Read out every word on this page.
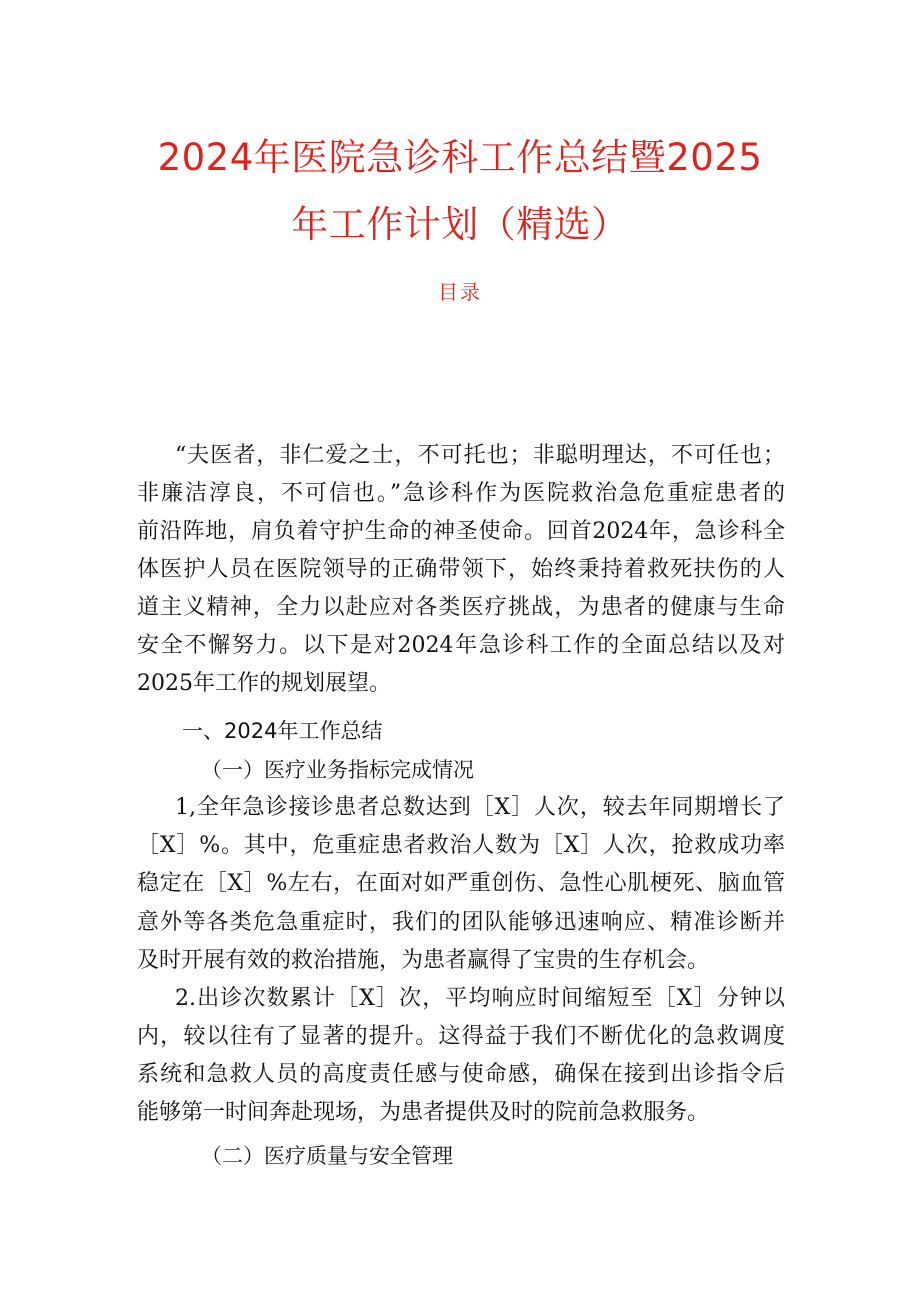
2024年医院急诊科工作总结暨2025
年工作计划（精选）
目录
“夫医者，非仁爱之士，不可托也；非聪明理达，不可任也；
非廉洁淳良，不可信也。”急诊科作为医院救治急危重症患者的
前沿阵地，肩负着守护生命的神圣使命。回首2024年，急诊科全
体医护人员在医院领导的正确带领下，始终秉持着救死扶伤的人
道主义精神，全力以赴应对各类医疗挑战，为患者的健康与生命
安全不懈努力。以下是对2024年急诊科工作的全面总结以及对
2025年工作的规划展望。
一、2024年工作总结
（一）医疗业务指标完成情况
1,全年急诊接诊患者总数达到［X］人次，较去年同期增长了
［X］%。其中，危重症患者救治人数为［X］人次，抢救成功率
稳定在［X］%左右，在面对如严重创伤、急性心肌梗死、脑血管
意外等各类危急重症时，我们的团队能够迅速响应、精准诊断并
及时开展有效的救治措施，为患者赢得了宝贵的生存机会。
2.出诊次数累计［X］次，平均响应时间缩短至［X］分钟以
内，较以往有了显著的提升。这得益于我们不断优化的急救调度
系统和急救人员的高度责任感与使命感，确保在接到出诊指令后
能够第一时间奔赴现场，为患者提供及时的院前急救服务。
（二）医疗质量与安全管理
